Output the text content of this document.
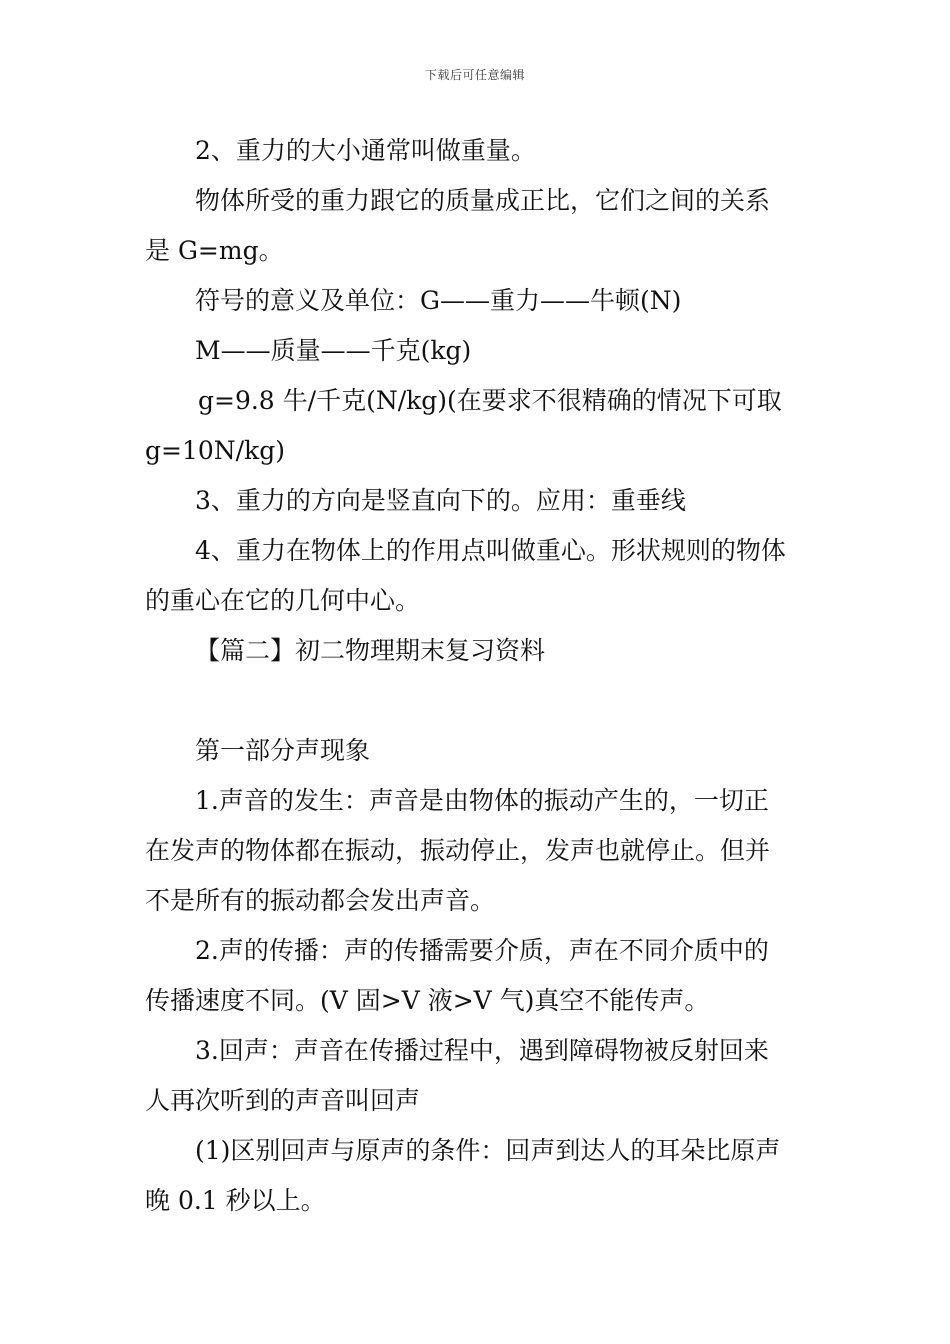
下载后可任意编辑
2、重力的大小通常叫做重量。
物体所受的重力跟它的质量成正比，它们之间的关系
是 G=mg。
符号的意义及单位：G——重力——牛顿(N)
M——质量——千克(kg)
g=9.8 牛/千克(N/kg)(在要求不很精确的情况下可取
g=10N/kg)
3、重力的方向是竖直向下的。应用：重垂线
4、重力在物体上的作用点叫做重心。形状规则的物体
的重心在它的几何中心。
【篇二】初二物理期末复习资料
第一部分声现象
1.声音的发生：声音是由物体的振动产生的，一切正
在发声的物体都在振动，振动停止，发声也就停止。但并
不是所有的振动都会发出声音。
2.声的传播：声的传播需要介质，声在不同介质中的
传播速度不同。(V 固>V 液>V 气)真空不能传声。
3.回声：声音在传播过程中，遇到障碍物被反射回来
人再次听到的声音叫回声
(1)区别回声与原声的条件：回声到达人的耳朵比原声
晚 0.1 秒以上。
